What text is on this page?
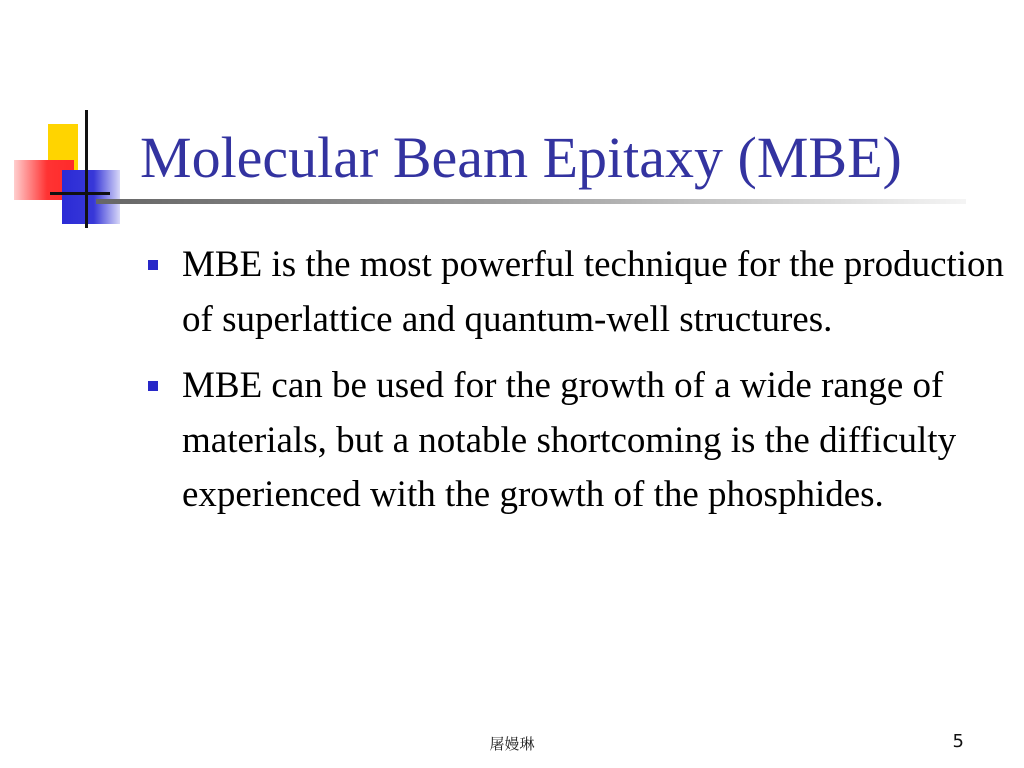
Molecular Beam Epitaxy (MBE)
MBE is the most powerful technique for the production of superlattice and quantum-well structures.
MBE can be used for the growth of a wide range of materials, but a notable shortcoming is the difficulty experienced with the growth of the phosphides.
屠嫚琳	5
